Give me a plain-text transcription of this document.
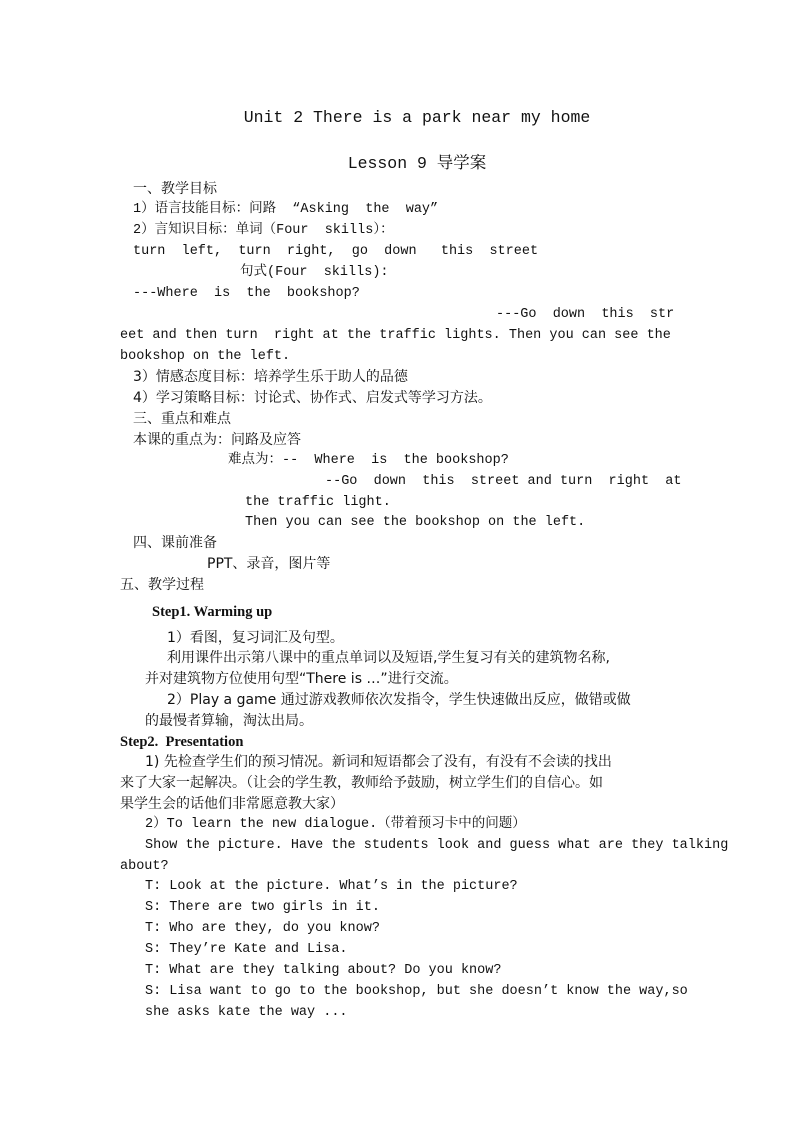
Unit 2 There is a park near my home
Lesson 9 导学案
一、教学目标
1）语言技能目标：问路  “Asking  the  way”
2）言知识目标：单词（Four  skills）：
turn  left,  turn  right,  go  down   this  street
句式(Four  skills):
---Where  is  the  bookshop?
---Go  down  this  str
eet and then turn  right at the traffic lights. Then you can see the
bookshop on the left.
3）情感态度目标：培养学生乐于助人的品德
4）学习策略目标：讨论式、协作式、启发式等学习方法。
三、重点和难点
本课的重点为：问路及应答
难点为：--  Where  is  the bookshop?
--Go  down  this  street and turn  right  at
the traffic light.
Then you can see the bookshop on the left.
四、课前准备
PPT、录音，图片等
五、教学过程
Step1. Warming up
1）看图，复习词汇及句型。
利用课件出示第八课中的重点单词以及短语,学生复习有关的建筑物名称,
并对建筑物方位使用句型“There is …”进行交流。
2）Play a game 通过游戏教师依次发指令，学生快速做出反应，做错或做
的最慢者算输，淘汰出局。
Step2.  Presentation
1) 先检查学生们的预习情况。新词和短语都会了没有，有没有不会读的找出
来了大家一起解决。（让会的学生教，教师给予鼓励，树立学生们的自信心。如
果学生会的话他们非常愿意教大家）
2）To learn the new dialogue.（带着预习卡中的问题）
Show the picture. Have the students look and guess what are they talking
about?
T: Look at the picture. What’s in the picture?
S: There are two girls in it.
T: Who are they, do you know?
S: They’re Kate and Lisa.
T: What are they talking about? Do you know?
S: Lisa want to go to the bookshop, but she doesn’t know the way,so
she asks kate the way ...
